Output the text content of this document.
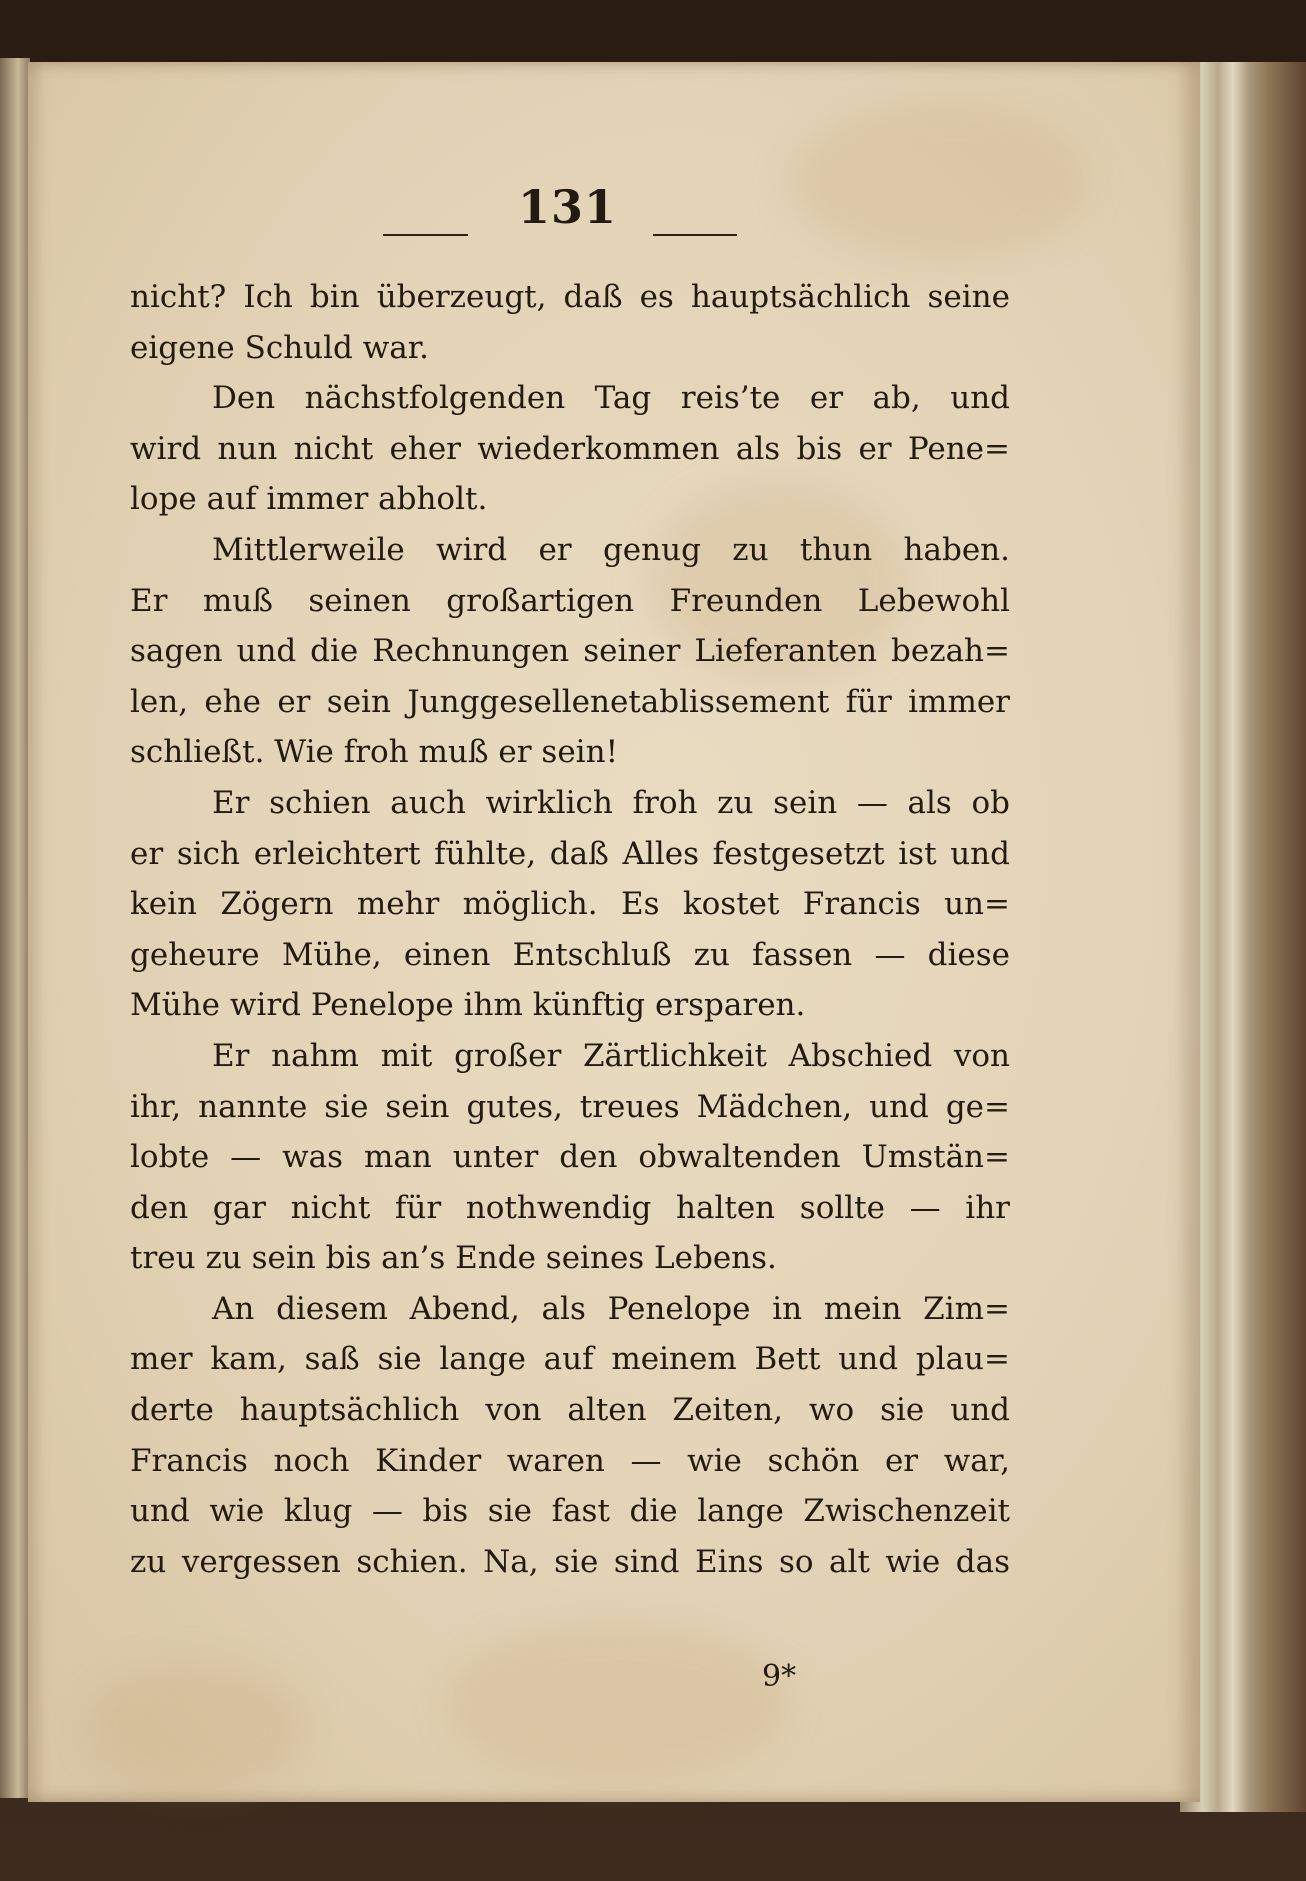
131
nicht? Ich bin überzeugt, daß es hauptsächlich seine
eigene Schuld war.
Den nächstfolgenden Tag reis’te er ab, und
wird nun nicht eher wiederkommen als bis er Pene=
lope auf immer abholt.
Mittlerweile wird er genug zu thun haben.
Er muß seinen großartigen Freunden Lebewohl
sagen und die Rechnungen seiner Lieferanten bezah=
len, ehe er sein Junggesellenetablissement für immer
schließt. Wie froh muß er sein!
Er schien auch wirklich froh zu sein — als ob
er sich erleichtert fühlte, daß Alles festgesetzt ist und
kein Zögern mehr möglich. Es kostet Francis un=
geheure Mühe, einen Entschluß zu fassen — diese
Mühe wird Penelope ihm künftig ersparen.
Er nahm mit großer Zärtlichkeit Abschied von
ihr, nannte sie sein gutes, treues Mädchen, und ge=
lobte — was man unter den obwaltenden Umstän=
den gar nicht für nothwendig halten sollte — ihr
treu zu sein bis an’s Ende seines Lebens.
An diesem Abend, als Penelope in mein Zim=
mer kam, saß sie lange auf meinem Bett und plau=
derte hauptsächlich von alten Zeiten, wo sie und
Francis noch Kinder waren — wie schön er war,
und wie klug — bis sie fast die lange Zwischenzeit
zu vergessen schien. Na, sie sind Eins so alt wie das
9*
